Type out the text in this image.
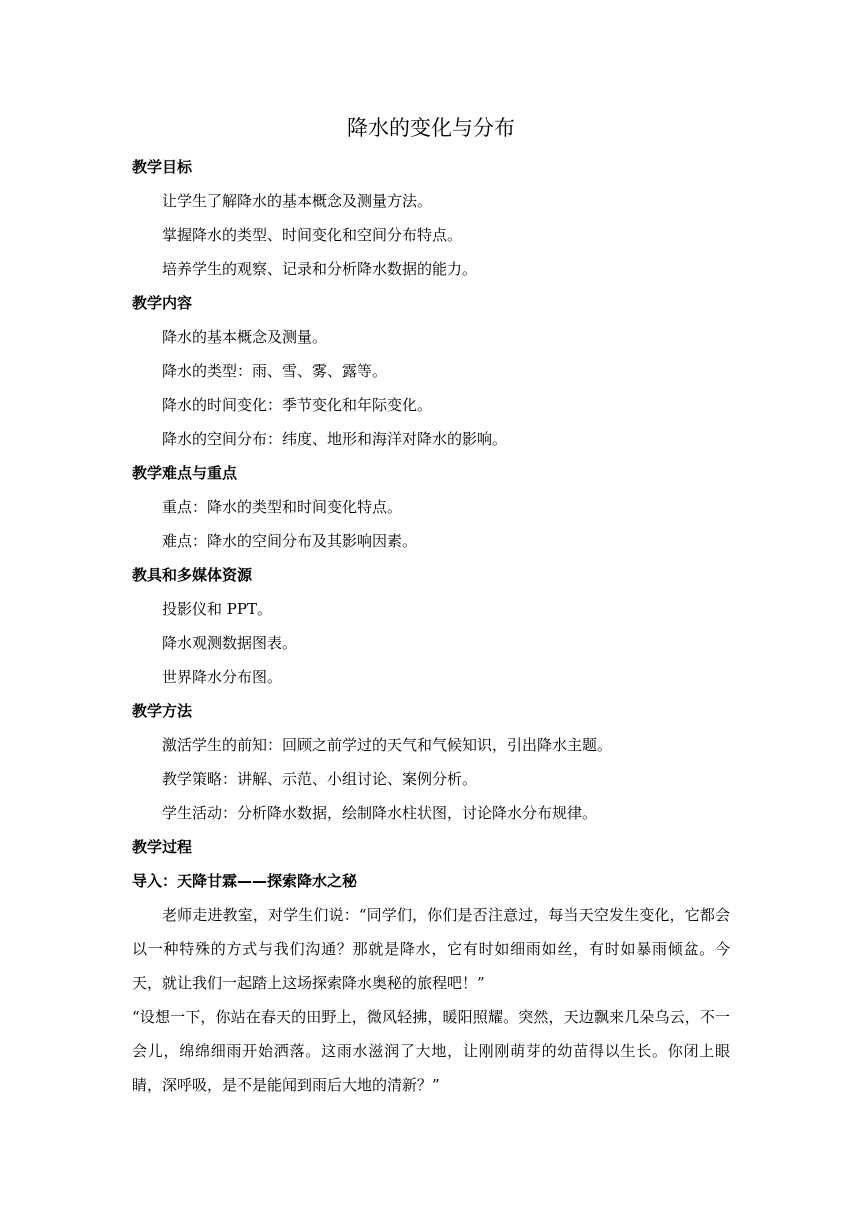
降水的变化与分布

教学目标

让学生了解降水的基本概念及测量方法。

掌握降水的类型、时间变化和空间分布特点。

培养学生的观察、记录和分析降水数据的能力。

教学内容

降水的基本概念及测量。

降水的类型：雨、雪、雾、露等。

降水的时间变化：季节变化和年际变化。

降水的空间分布：纬度、地形和海洋对降水的影响。

教学难点与重点

重点：降水的类型和时间变化特点。

难点：降水的空间分布及其影响因素。

教具和多媒体资源

投影仪和 PPT。

降水观测数据图表。

世界降水分布图。

教学方法

激活学生的前知：回顾之前学过的天气和气候知识，引出降水主题。

教学策略：讲解、示范、小组讨论、案例分析。

学生活动：分析降水数据，绘制降水柱状图，讨论降水分布规律。

教学过程

导入：天降甘霖——探索降水之秘

老师走进教室，对学生们说：“同学们，你们是否注意过，每当天空发生变化，它都会以一种特殊的方式与我们沟通？那就是降水，它有时如细雨如丝，有时如暴雨倾盆。今天，就让我们一起踏上这场探索降水奥秘的旅程吧！”

“设想一下，你站在春天的田野上，微风轻拂，暖阳照耀。突然，天边飘来几朵乌云，不一会儿，绵绵细雨开始洒落。这雨水滋润了大地，让刚刚萌芽的幼苗得以生长。你闭上眼睛，深呼吸，是不是能闻到雨后大地的清新？”
